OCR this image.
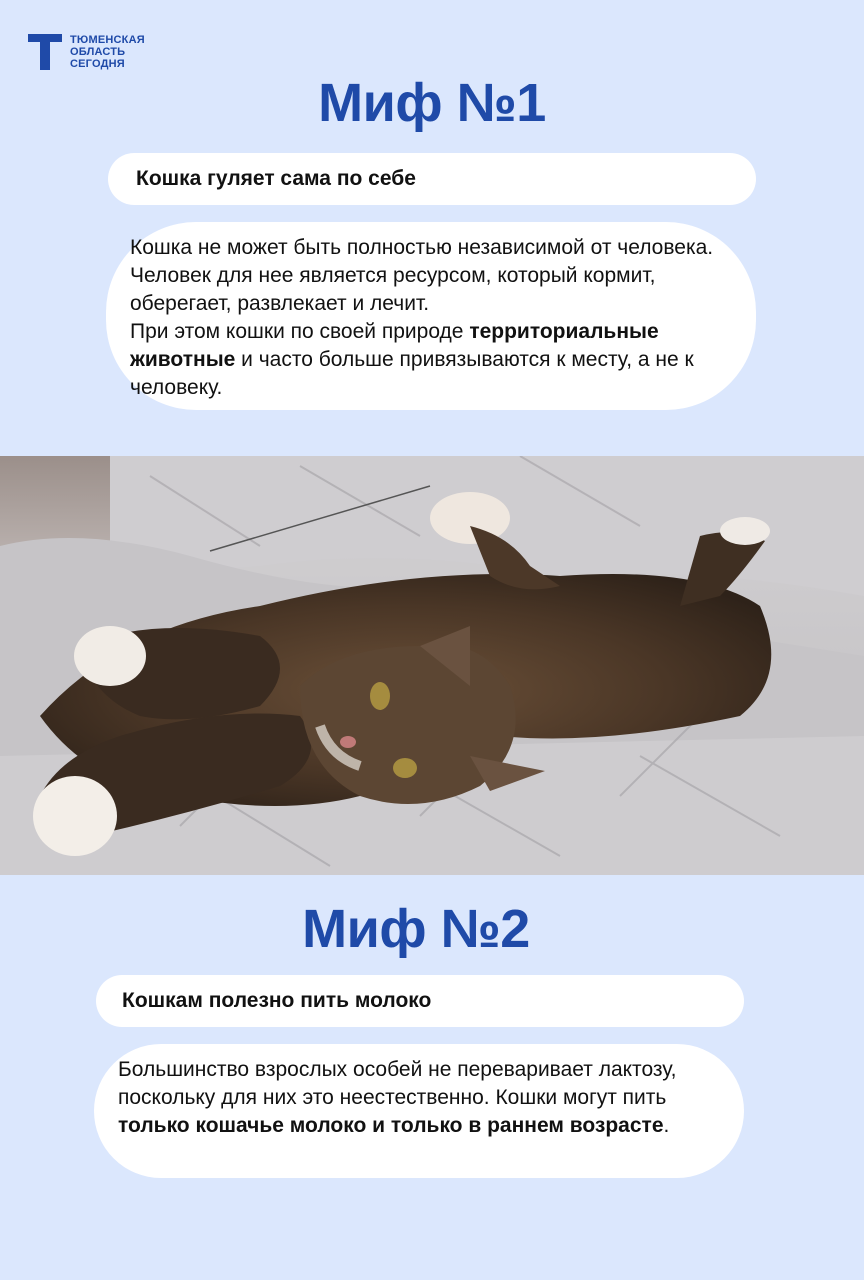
ТЮМЕНСКАЯ
ОБЛАСТЬ
СЕГОДНЯ
Миф №1
Кошка гуляет сама по себе
Кошка не может быть полностью независимой от человека. Человек для нее является ресурсом, который кормит, оберегает, развлекает и лечит.
При этом кошки по своей природе территориальные животные и часто больше привязываются к месту, а не к человеку.
Миф №2
Кошкам полезно пить молоко
Большинство взрослых особей не переваривает лактозу, поскольку для них это неестественно. Кошки могут пить только кошачье молоко и только в раннем возрасте.
